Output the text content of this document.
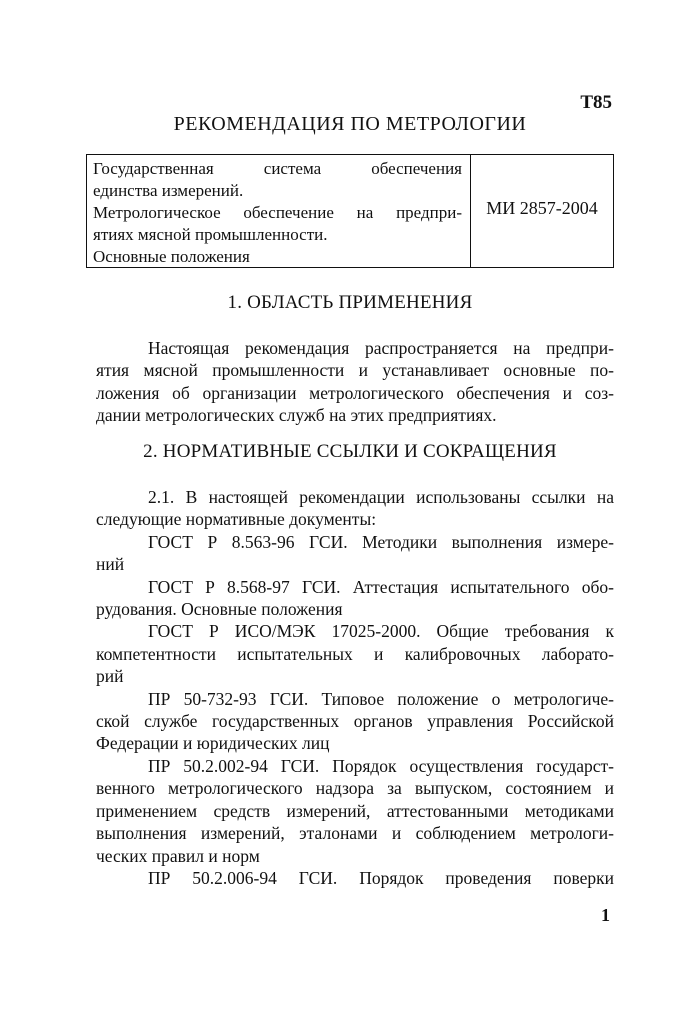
Т85
РЕКОМЕНДАЦИЯ ПО МЕТРОЛОГИИ
Государственная система обеспечения
единства измерений.
Метрологическое обеспечение на предпри-
ятиях мясной промышленности.
Основные положения
МИ 2857-2004
1. ОБЛАСТЬ ПРИМЕНЕНИЯ
Настоящая рекомендация распространяется на предпри-
ятия мясной промышленности и устанавливает основные по-
ложения об организации метрологического обеспечения и соз-
дании метрологических служб на этих предприятиях.
2. НОРМАТИВНЫЕ ССЫЛКИ И СОКРАЩЕНИЯ
2.1. В настоящей рекомендации использованы ссылки на
следующие нормативные документы:
ГОСТ Р 8.563-96 ГСИ. Методики выполнения измере-
ний
ГОСТ Р 8.568-97 ГСИ. Аттестация испытательного обо-
рудования. Основные положения
ГОСТ Р ИСО/МЭК 17025-2000. Общие требования к
компетентности испытательных и калибровочных лаборато-
рий
ПР 50-732-93 ГСИ. Типовое положение о метрологиче-
ской службе государственных органов управления Российской
Федерации и юридических лиц
ПР 50.2.002-94 ГСИ. Порядок осуществления государст-
венного метрологического надзора за выпуском, состоянием и
применением средств измерений, аттестованными методиками
выполнения измерений, эталонами и соблюдением метрологи-
ческих правил и норм
ПР 50.2.006-94 ГСИ. Порядок проведения поверки
1
